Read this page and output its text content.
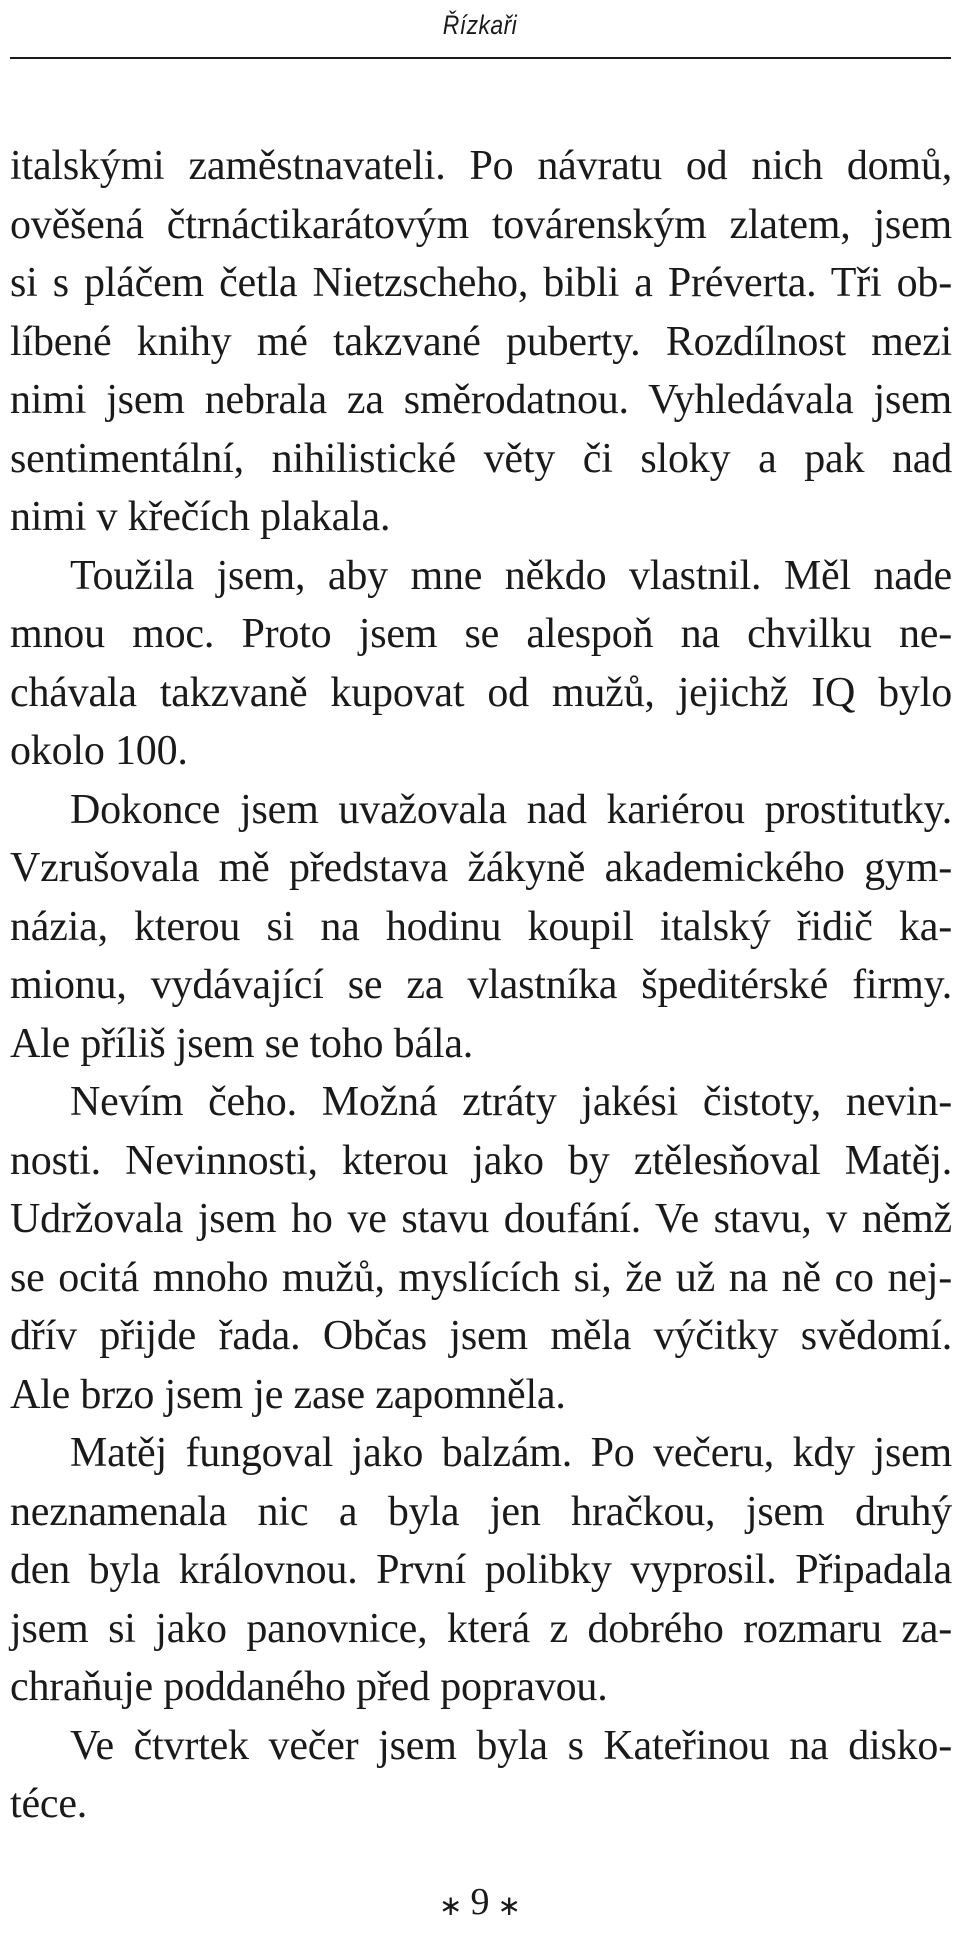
Řízkaři
italskými zaměstnavateli. Po návratu od nich domů,
ověšená čtrnáctikarátovým továrenským zlatem, jsem
si s pláčem četla Nietzscheho, bibli a Préverta. Tři ob-
líbené knihy mé takzvané puberty. Rozdílnost mezi
nimi jsem nebrala za směrodatnou. Vyhledávala jsem
sentimentální, nihilistické věty či sloky a pak nad
nimi v křečích plakala.
Toužila jsem, aby mne někdo vlastnil. Měl nade
mnou moc. Proto jsem se alespoň na chvilku ne-
chávala takzvaně kupovat od mužů, jejichž IQ bylo
okolo 100.
Dokonce jsem uvažovala nad kariérou prostitutky.
Vzrušovala mě představa žákyně akademického gym-
názia, kterou si na hodinu koupil italský řidič ka-
mionu, vydávající se za vlastníka špeditérské firmy.
Ale příliš jsem se toho bála.
Nevím čeho. Možná ztráty jakési čistoty, nevin-
nosti. Nevinnosti, kterou jako by ztělesňoval Matěj.
Udržovala jsem ho ve stavu doufání. Ve stavu, v němž
se ocitá mnoho mužů, myslících si, že už na ně co nej-
dřív přijde řada. Občas jsem měla výčitky svědomí.
Ale brzo jsem je zase zapomněla.
Matěj fungoval jako balzám. Po večeru, kdy jsem
neznamenala nic a byla jen hračkou, jsem druhý
den byla královnou. První polibky vyprosil. Připadala
jsem si jako panovnice, která z dobrého rozmaru za-
chraňuje poddaného před popravou.
Ve čtvrtek večer jsem byla s Kateřinou na disko-
téce.
∗ 9 ∗
